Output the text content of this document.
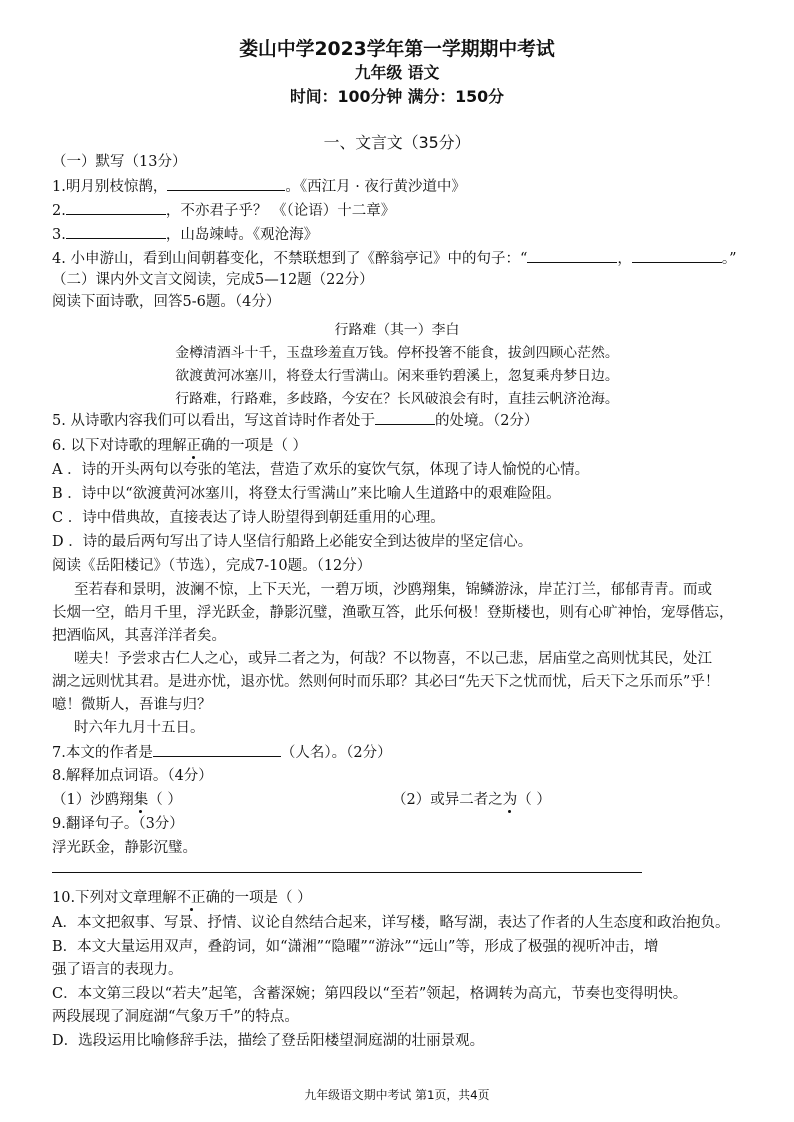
娄山中学2023学年第一学期期中考试
九年级 语文
时间：100分钟 满分：150分
一、文言文（35分）
（一）默写（13分）
1.明月别枝惊鹊，	。《西江月 · 夜行黄沙道中》
2.	，不亦君子乎？ 《（论语）十二章》
3.	，山岛竦峙。《观沧海》
4. 小申游山，看到山间朝暮变化，不禁联想到了《醉翁亭记》中的句子：“	，	。”
（二）课内外文言文阅读，完成5—12题（22分）
阅读下面诗歌，回答5-6题。（4分）
行路难（其一）李白
金樽清酒斗十千，玉盘珍羞直万钱。停杯投箸不能食，拔剑四顾心茫然。
欲渡黄河冰塞川，将登太行雪满山。闲来垂钓碧溪上，忽复乘舟梦日边。
行路难，行路难，多歧路，今安在？长风破浪会有时，直挂云帆济沧海。
5. 从诗歌内容我们可以看出，写这首诗时作者处于	的处境。（2分）
6. 以下对诗歌的理解正确的一项是（ ）
A ．诗的开头两句以夸张的笔法，营造了欢乐的宴饮气氛，体现了诗人愉悦的心情。
B ．诗中以“欲渡黄河冰塞川，将登太行雪满山”来比喻人生道路中的艰难险阻。
C ．诗中借典故，直接表达了诗人盼望得到朝廷重用的心理。
D ．诗的最后两句写出了诗人坚信行船路上必能安全到达彼岸的坚定信心。
阅读《岳阳楼记》（节选），完成7-10题。（12分）
至若春和景明，波澜不惊，上下天光，一碧万顷，沙鸥翔集，锦鳞游泳，岸芷汀兰，郁郁青青。而或
长烟一空，皓月千里，浮光跃金，静影沉璧，渔歌互答，此乐何极！登斯楼也，则有心旷神怡，宠辱偕忘，
把酒临风，其喜洋洋者矣。
嗟夫！予尝求古仁人之心，或异二者之为，何哉？不以物喜，不以己悲，居庙堂之高则忧其民，处江
湖之远则忧其君。是进亦忧，退亦忧。然则何时而乐耶？其必曰“先天下之忧而忧，后天下之乐而乐”乎！
噫！微斯人，吾谁与归？
时六年九月十五日。
7.本文的作者是	（人名）。（2分）
8.解释加点词语。（4分）
（1）沙鸥翔集（ ）	（2）或异二者之为（ ）
9.翻译句子。（3分）
浮光跃金，静影沉璧。
10.下列对文章理解不正确的一项是（ ）
A．本文把叙事、写景、抒情、议论自然结合起来，详写楼，略写湖，表达了作者的人生态度和政治抱负。
B．本文大量运用双声，叠韵词，如“潇湘”“隐曜”“游泳”“远山”等，形成了极强的视听冲击，增
强了语言的表现力。
C．本文第三段以“若夫”起笔，含蓄深婉；第四段以“至若”领起，格调转为高亢，节奏也变得明快。
两段展现了洞庭湖“气象万千”的特点。
D．选段运用比喻修辞手法，描绘了登岳阳楼望洞庭湖的壮丽景观。
九年级语文期中考试 第1页，共4页
